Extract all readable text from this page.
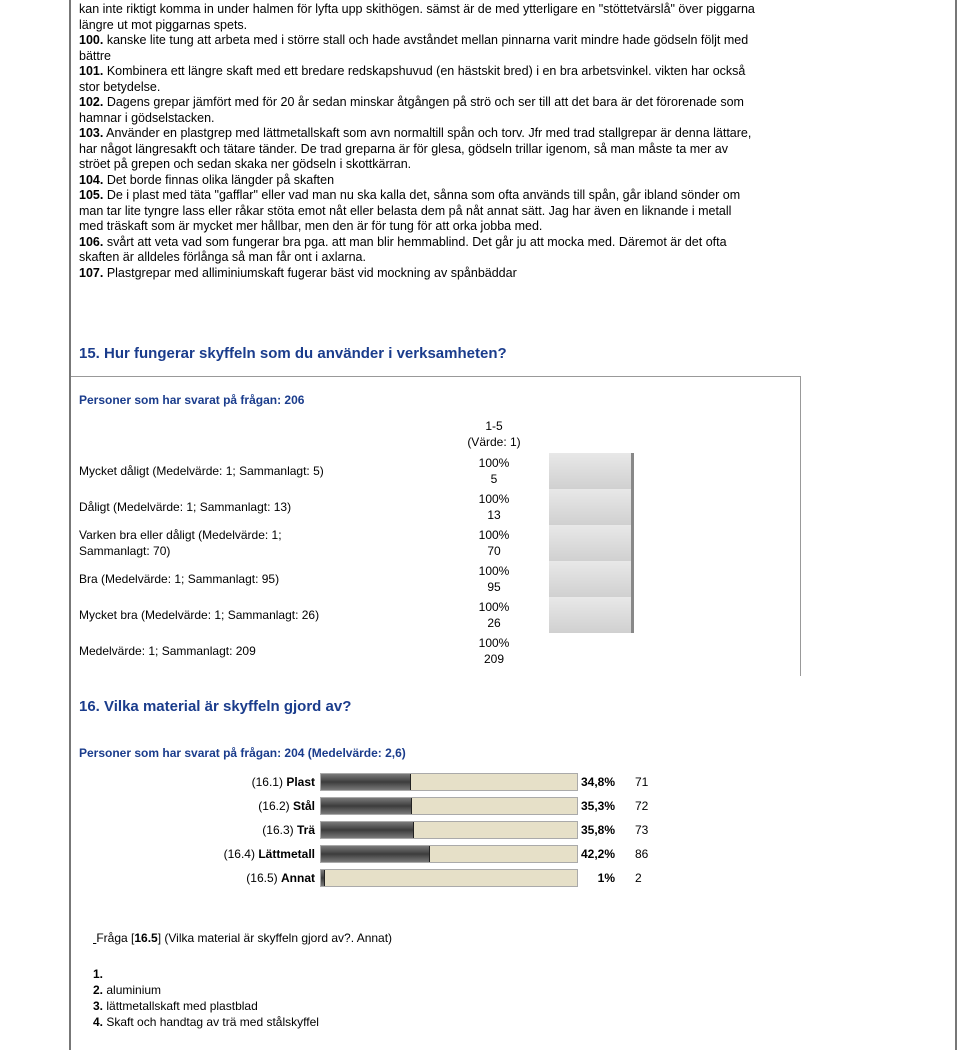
kan inte riktigt komma in under halmen för lyfta upp skithögen. sämst är de med ytterligare en "stöttetvärslå" över piggarna längre ut mot piggarnas spets.

100. kanske lite tung att arbeta med i större stall och hade avståndet mellan pinnarna varit mindre hade gödseln följt med bättre

101. Kombinera ett längre skaft med ett bredare redskapshuvud (en hästskit bred) i en bra arbetsvinkel. vikten har också stor betydelse.

102. Dagens grepar jämfört med för 20 år sedan minskar åtgången på strö och ser till att det bara är det förorenade som hamnar i gödselstacken.

103. Använder en plastgrep med lättmetallskaft som avn normaltill spån och torv. Jfr med trad stallgrepar är denna lättare, har något längresakft och tätare tänder. De trad greparna är för glesa, gödseln trillar igenom, så man måste ta mer av ströet på grepen och sedan skaka ner gödseln i skottkärran.

104. Det borde finnas olika längder på skaften

105. De i plast med täta "gafflar" eller vad man nu ska kalla det, sånna som ofta används till spån, går ibland sönder om man tar lite tyngre lass eller råkar stöta emot nåt eller belasta dem på nåt annat sätt. Jag har även en liknande i metall med träskaft som är mycket mer hållbar, men den är för tung för att orka jobba med.

106. svårt att veta vad som fungerar bra pga. att man blir hemmablind. Det går ju att mocka med. Däremot är det ofta skaften är alldeles förlånga så man får ont i axlarna.

107. Plastgrepar med alliminiumskaft fugerar bäst vid mockning av spånbäddar

15. Hur fungerar skyffeln som du använder i verksamheten?

Personer som har svarat på frågan: 206

1-5
(Värde: 1)
Mycket dåligt (Medelvärde: 1; Sammanlagt: 5)
100%
5
Dåligt (Medelvärde: 1; Sammanlagt: 13)
100%
13
Varken bra eller dåligt (Medelvärde: 1; Sammanlagt: 70)
100%
70
Bra (Medelvärde: 1; Sammanlagt: 95)
100%
95
Mycket bra (Medelvärde: 1; Sammanlagt: 26)
100%
26
Medelvärde: 1; Sammanlagt: 209
100%
209
16. Vilka material är skyffeln gjord av?

Personer som har svarat på frågan: 204 (Medelvärde: 2,6)

(16.1) Plast	34,8% 71
(16.2) Stål	35,3% 72
(16.3) Trä	35,8% 73
(16.4) Lättmetall	42,2% 86
(16.5) Annat	1% 2
Fråga [16.5] (Vilka material är skyffeln gjord av?. Annat)
1.
2. aluminium
3. lättmetallskaft med plastblad
4. Skaft och handtag av trä med stålskyffel
